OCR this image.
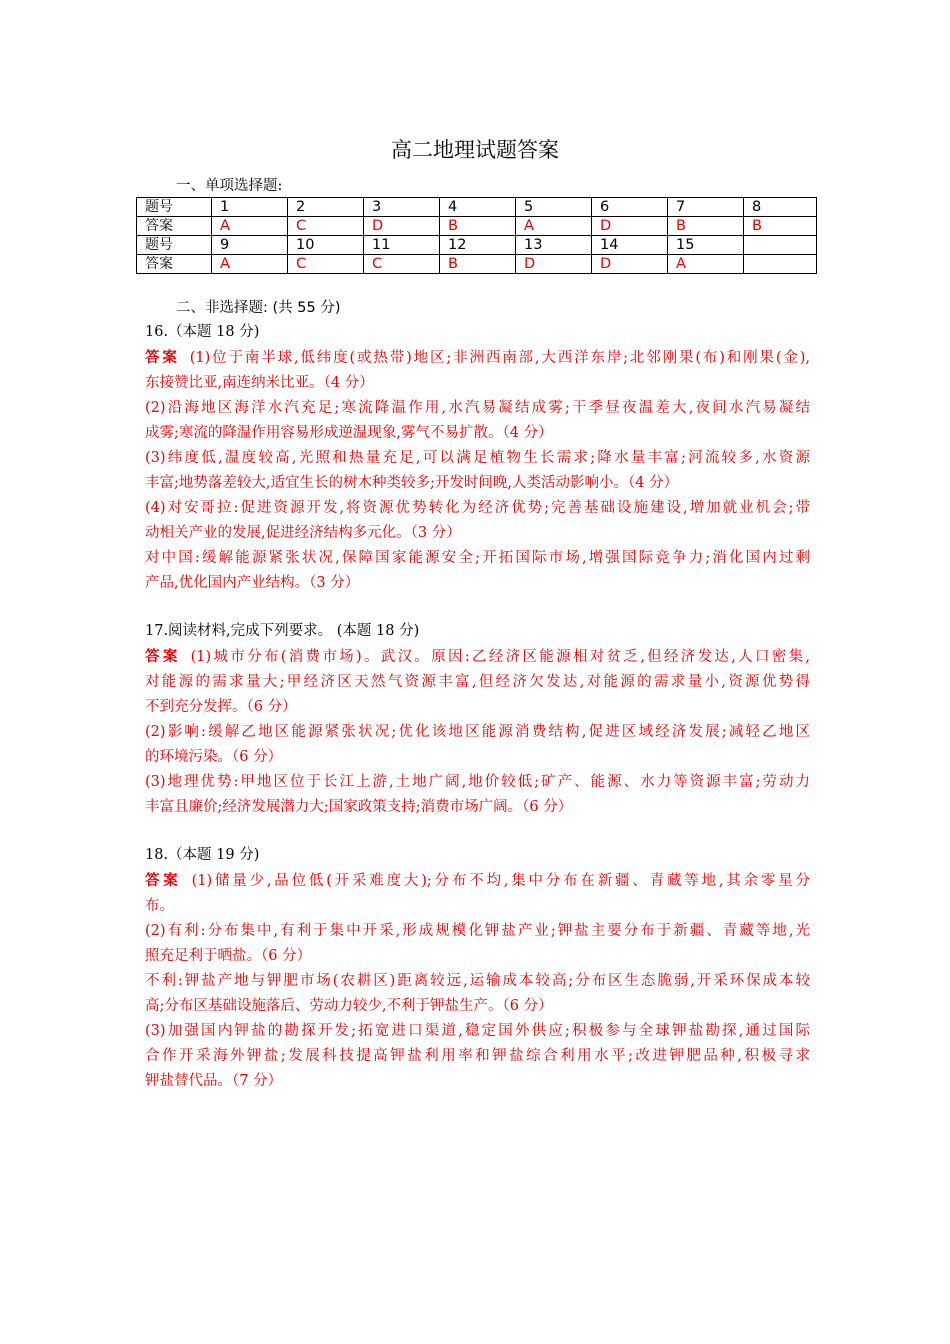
高二地理试题答案
一、单项选择题:
题号	1	2	3	4	5	6	7	8
答案	A	C	D	B	A	D	B	B
题号	9	10	11	12	13	14	15	
答案	A	C	C	B	D	D	A	
二、非选择题: (共 55 分)
16.（本题 18 分)
答案 (1)位于南半球,低纬度(或热带)地区;非洲西南部,大西洋东岸;北邻刚果(布)和刚果(金),
东接赞比亚,南连纳米比亚。（4 分）
(2)沿海地区海洋水汽充足;寒流降温作用,水汽易凝结成雾;干季昼夜温差大,夜间水汽易凝结
成雾;寒流的降温作用容易形成逆温现象,雾气不易扩散。（4 分）
(3)纬度低,温度较高,光照和热量充足,可以满足植物生长需求;降水量丰富;河流较多,水资源
丰富;地势落差较大,适宜生长的树木种类较多;开发时间晚,人类活动影响小。（4 分）
(4)对安哥拉:促进资源开发,将资源优势转化为经济优势;完善基础设施建设,增加就业机会;带
动相关产业的发展,促进经济结构多元化。（3 分）
对中国:缓解能源紧张状况,保障国家能源安全;开拓国际市场,增强国际竞争力;消化国内过剩
产品,优化国内产业结构。（3 分）
17.阅读材料,完成下列要求。 (本题 18 分)
答案 (1)城市分布(消费市场)。武汉。原因:乙经济区能源相对贫乏,但经济发达,人口密集,
对能源的需求量大;甲经济区天然气资源丰富,但经济欠发达,对能源的需求量小,资源优势得
不到充分发挥。（6 分）
(2)影响:缓解乙地区能源紧张状况;优化该地区能源消费结构,促进区域经济发展;减轻乙地区
的环境污染。（6 分）
(3)地理优势:甲地区位于长江上游,土地广阔,地价较低;矿产、能源、水力等资源丰富;劳动力
丰富且廉价;经济发展潜力大;国家政策支持;消费市场广阔。（6 分）
18.（本题 19 分)
答案 (1)储量少,品位低(开采难度大);分布不均,集中分布在新疆、青藏等地,其余零星分
布。
(2)有利:分布集中,有利于集中开采,形成规模化钾盐产业;钾盐主要分布于新疆、青藏等地,光
照充足利于晒盐。（6 分）
不利:钾盐产地与钾肥市场(农耕区)距离较远,运输成本较高;分布区生态脆弱,开采环保成本较
高;分布区基础设施落后、劳动力较少,不利于钾盐生产。（6 分）
(3)加强国内钾盐的勘探开发;拓宽进口渠道,稳定国外供应;积极参与全球钾盐勘探,通过国际
合作开采海外钾盐;发展科技提高钾盐利用率和钾盐综合利用水平;改进钾肥品种,积极寻求
钾盐替代品。（7 分）
